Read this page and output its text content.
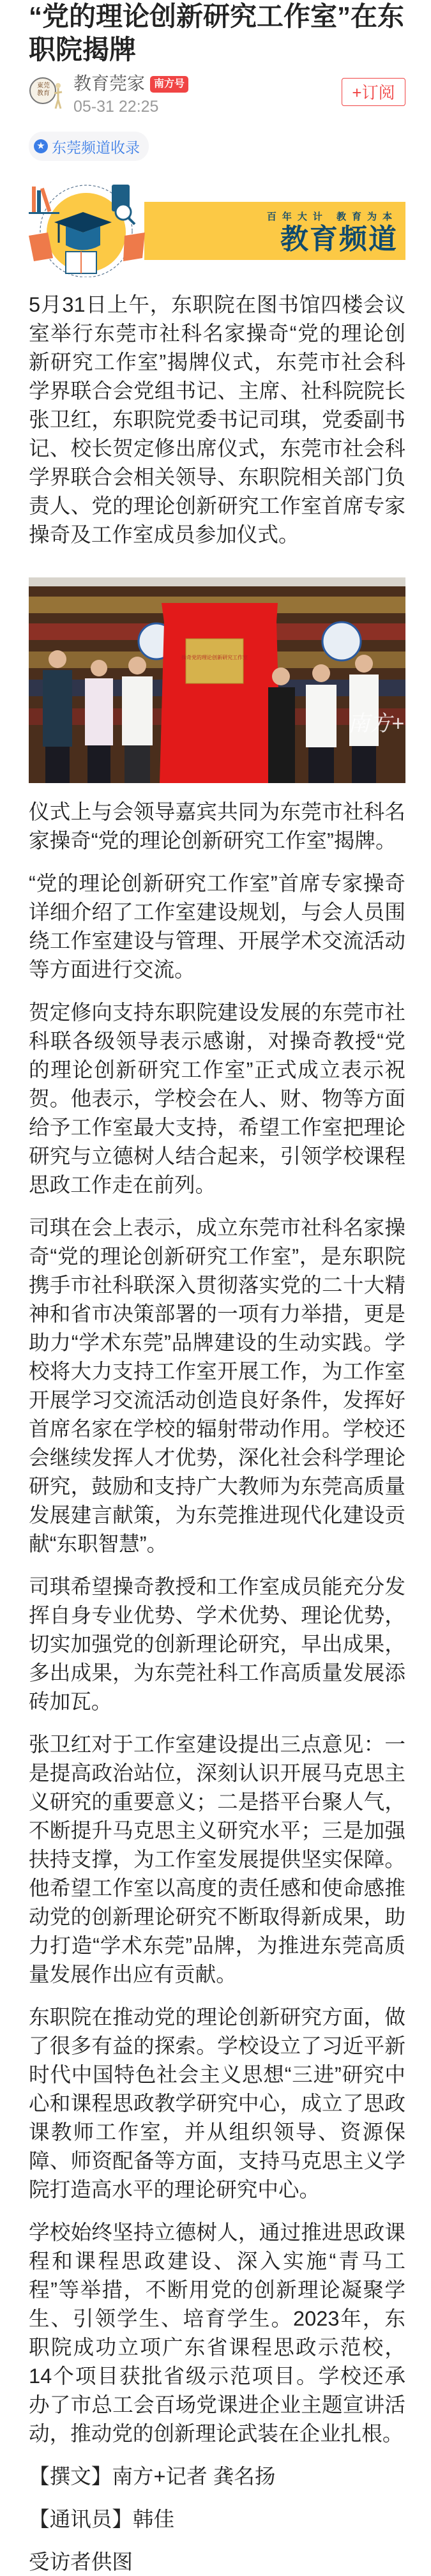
“党的理论创新研究工作室”在东职院揭牌
東莞教育
教育莞家 南方号
05-31 22:25
+订阅
★ 东莞频道收录
百年大计 教育为本
教育频道

5月31日上午，东职院在图书馆四楼会议室举行东莞市社科名家操奇“党的理论创新研究工作室”揭牌仪式，东莞市社会科学界联合会党组书记、主席、社科院院长张卫红，东职院党委书记司琪，党委副书记、校长贺定修出席仪式，东莞市社会科学界联合会相关领导、东职院相关部门负责人、党的理论创新研究工作室首席专家操奇及工作室成员参加仪式。

操奇党的理论创新研究工作室
南方+

仪式上与会领导嘉宾共同为东莞市社科名家操奇“党的理论创新研究工作室”揭牌。

“党的理论创新研究工作室”首席专家操奇详细介绍了工作室建设规划，与会人员围绕工作室建设与管理、开展学术交流活动等方面进行交流。

贺定修向支持东职院建设发展的东莞市社科联各级领导表示感谢，对操奇教授“党的理论创新研究工作室”正式成立表示祝贺。他表示，学校会在人、财、物等方面给予工作室最大支持，希望工作室把理论研究与立德树人结合起来，引领学校课程思政工作走在前列。

司琪在会上表示，成立东莞市社科名家操奇“党的理论创新研究工作室”，是东职院携手市社科联深入贯彻落实党的二十大精神和省市决策部署的一项有力举措，更是助力“学术东莞”品牌建设的生动实践。学校将大力支持工作室开展工作，为工作室开展学习交流活动创造良好条件，发挥好首席名家在学校的辐射带动作用。学校还会继续发挥人才优势，深化社会科学理论研究，鼓励和支持广大教师为东莞高质量发展建言献策，为东莞推进现代化建设贡献“东职智慧”。

司琪希望操奇教授和工作室成员能充分发挥自身专业优势、学术优势、理论优势，切实加强党的创新理论研究，早出成果，多出成果，为东莞社科工作高质量发展添砖加瓦。

张卫红对于工作室建设提出三点意见：一是提高政治站位，深刻认识开展马克思主义研究的重要意义；二是搭平台聚人气，不断提升马克思主义研究水平；三是加强扶持支撑，为工作室发展提供坚实保障。他希望工作室以高度的责任感和使命感推动党的创新理论研究不断取得新成果，助力打造“学术东莞”品牌，为推进东莞高质量发展作出应有贡献。

东职院在推动党的理论创新研究方面，做了很多有益的探索。学校设立了习近平新时代中国特色社会主义思想“三进”研究中心和课程思政教学研究中心，成立了思政课教师工作室，并从组织领导、资源保障、师资配备等方面，支持马克思主义学院打造高水平的理论研究中心。

学校始终坚持立德树人，通过推进思政课程和课程思政建设、深入实施“青马工程”等举措，不断用党的创新理论凝聚学生、引领学生、培育学生。2023年，东职院成功立项广东省课程思政示范校，14个项目获批省级示范项目。学校还承办了市总工会百场党课进企业主题宣讲活动，推动党的创新理论武装在企业扎根。

【撰文】南方+记者 龚名扬

【通讯员】韩佳

受访者供图
